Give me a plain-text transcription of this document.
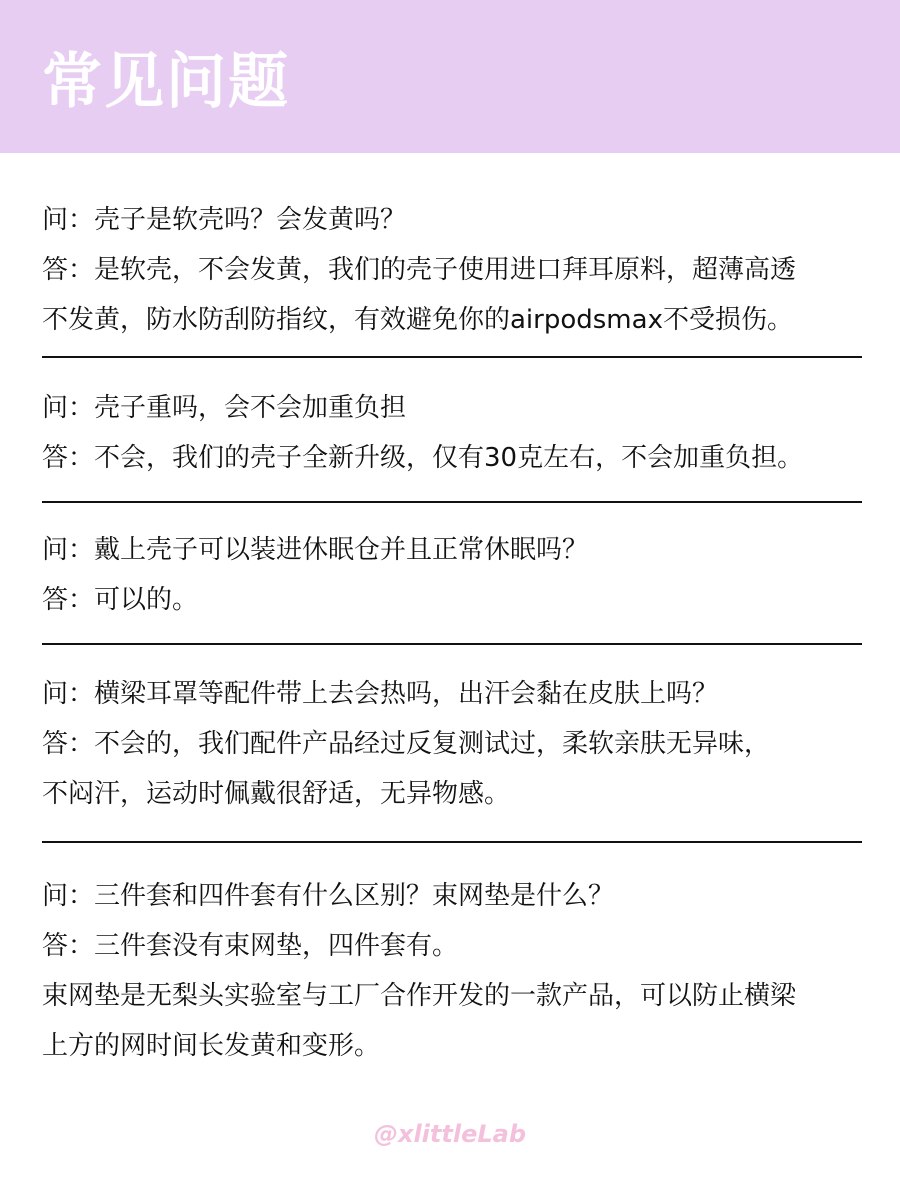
常见问题

问：壳子是软壳吗？会发黄吗？

答：是软壳，不会发黄，我们的壳子使用进口拜耳原料，超薄高透

不发黄，防水防刮防指纹，有效避免你的airpodsmax不受损伤。

问：壳子重吗，会不会加重负担

答：不会，我们的壳子全新升级，仅有30克左右，不会加重负担。

问：戴上壳子可以装进休眠仓并且正常休眠吗？

答：可以的。

问：横梁耳罩等配件带上去会热吗，出汗会黏在皮肤上吗？

答：不会的，我们配件产品经过反复测试过，柔软亲肤无异味，

不闷汗，运动时佩戴很舒适，无异物感。

问：三件套和四件套有什么区别？束网垫是什么？

答：三件套没有束网垫，四件套有。

束网垫是无梨头实验室与工厂合作开发的一款产品，可以防止横梁

上方的网时间长发黄和变形。

@xlittleLab
